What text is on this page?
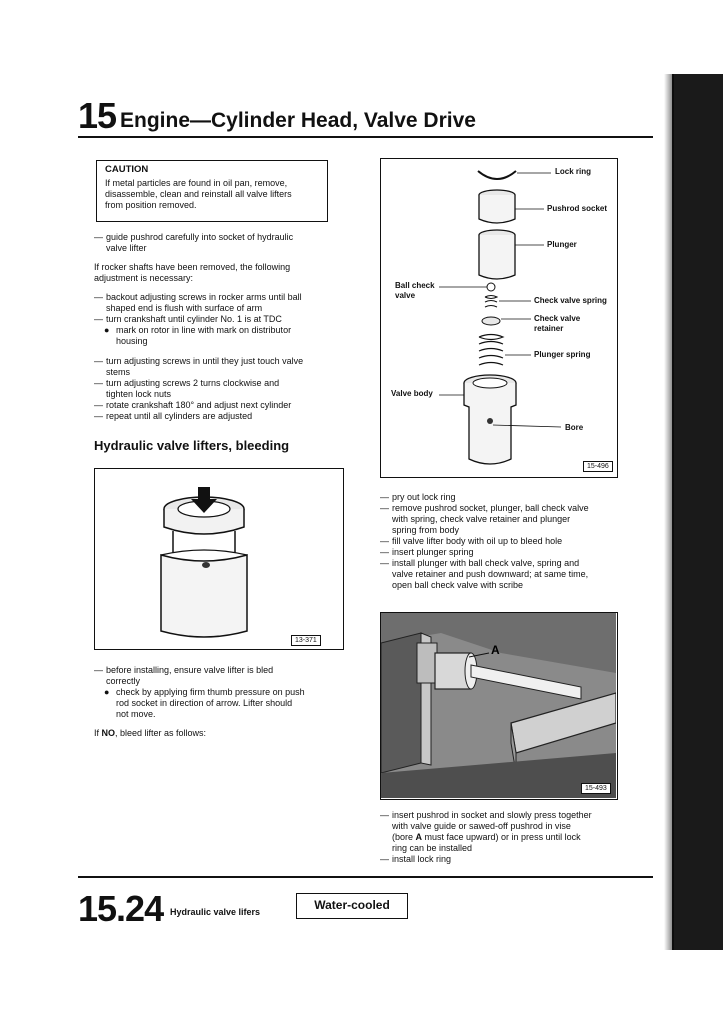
15 Engine—Cylinder Head, Valve Drive
CAUTION
If metal particles are found in oil pan, remove,
disassemble, clean and reinstall all valve lifters
from position removed.
— guide pushrod carefully into socket of hydraulic
valve lifter
If rocker shafts have been removed, the following
adjustment is necessary:
— backout adjusting screws in rocker arms until ball
shaped end is flush with surface of arm
— turn crankshaft until cylinder No. 1 is at TDC
● mark on rotor in line with mark on distributor
housing
— turn adjusting screws in until they just touch valve
stems
— turn adjusting screws 2 turns clockwise and
tighten lock nuts
— rotate crankshaft 180° and adjust next cylinder
— repeat until all cylinders are adjusted
Hydraulic valve lifters, bleeding
13-371
— before installing, ensure valve lifter is bled
correctly
● check by applying firm thumb pressure on push
rod socket in direction of arrow. Lifter should
not move.
If NO, bleed lifter as follows:
Lock ring
Pushrod socket
Plunger
Ball check
valve
Check valve spring
Check valve
retainer
Plunger spring
Valve body
Bore
15-496
— pry out lock ring
— remove pushrod socket, plunger, ball check valve
with spring, check valve retainer and plunger
spring from body
— fill valve lifter body with oil up to bleed hole
— insert plunger spring
— install plunger with ball check valve, spring and
valve retainer and push downward; at same time,
open ball check valve with scribe
A
15-493
— insert pushrod in socket and slowly press together
with valve guide or sawed-off pushrod in vise
(bore A must face upward) or in press until lock
ring can be installed
— install lock ring
15.24 Hydraulic valve lifers	Water-cooled
